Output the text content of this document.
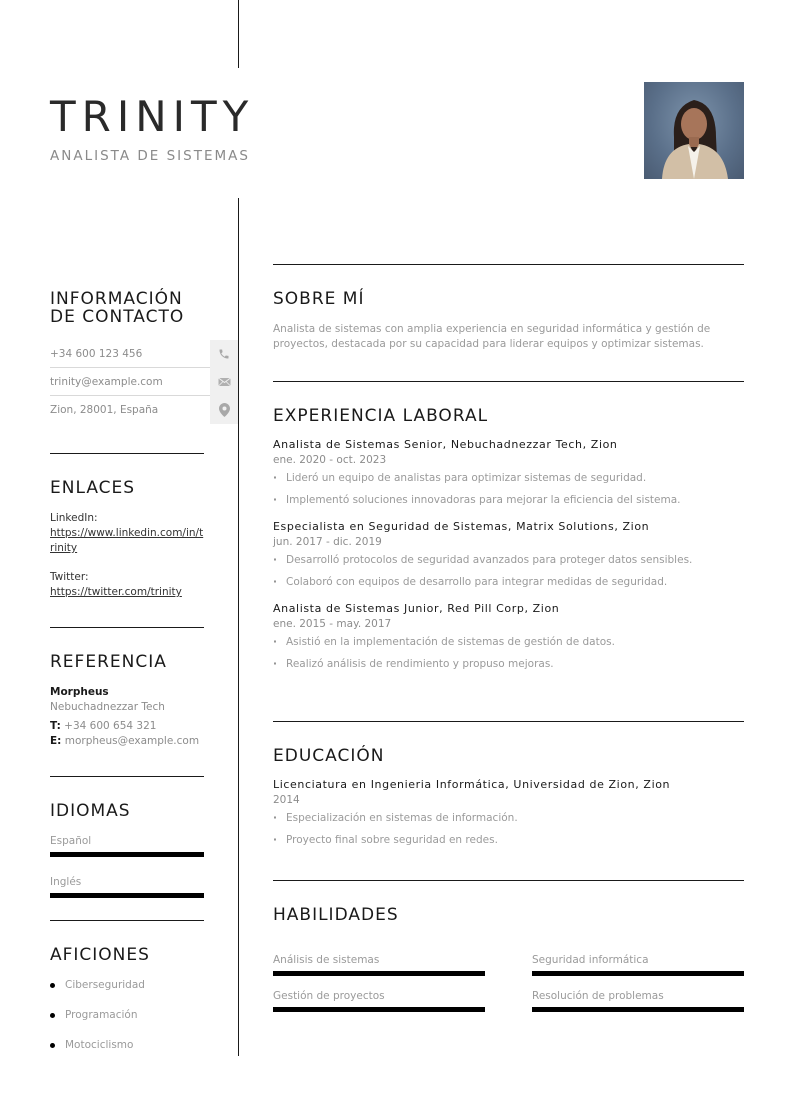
TRINITY
ANALISTA DE SISTEMAS
INFORMACIÓN
DE CONTACTO
+34 600 123 456
trinity@example.com
Zion, 28001, España
ENLACES
LinkedIn:
https://www.linkedin.com/in/trinity
Twitter:
https://twitter.com/trinity
REFERENCIA
Morpheus
Nebuchadnezzar Tech
T: +34 600 654 321
E: morpheus@example.com
IDIOMAS
Español
Inglés
AFICIONES
Ciberseguridad
Programación
Motociclismo
SOBRE MÍ
Analista de sistemas con amplia experiencia en seguridad informática y gestión de proyectos, destacada por su capacidad para liderar equipos y optimizar sistemas.
EXPERIENCIA LABORAL
Analista de Sistemas Senior, Nebuchadnezzar Tech, Zion
ene. 2020 - oct. 2023
· Lideró un equipo de analistas para optimizar sistemas de seguridad.
· Implementó soluciones innovadoras para mejorar la eficiencia del sistema.
Especialista en Seguridad de Sistemas, Matrix Solutions, Zion
jun. 2017 - dic. 2019
· Desarrolló protocolos de seguridad avanzados para proteger datos sensibles.
· Colaboró con equipos de desarrollo para integrar medidas de seguridad.
Analista de Sistemas Junior, Red Pill Corp, Zion
ene. 2015 - may. 2017
· Asistió en la implementación de sistemas de gestión de datos.
· Realizó análisis de rendimiento y propuso mejoras.
EDUCACIÓN
Licenciatura en Ingenieria Informática, Universidad de Zion, Zion
2014
· Especialización en sistemas de información.
· Proyecto final sobre seguridad en redes.
HABILIDADES
Análisis de sistemas	Seguridad informática
Gestión de proyectos	Resolución de problemas
